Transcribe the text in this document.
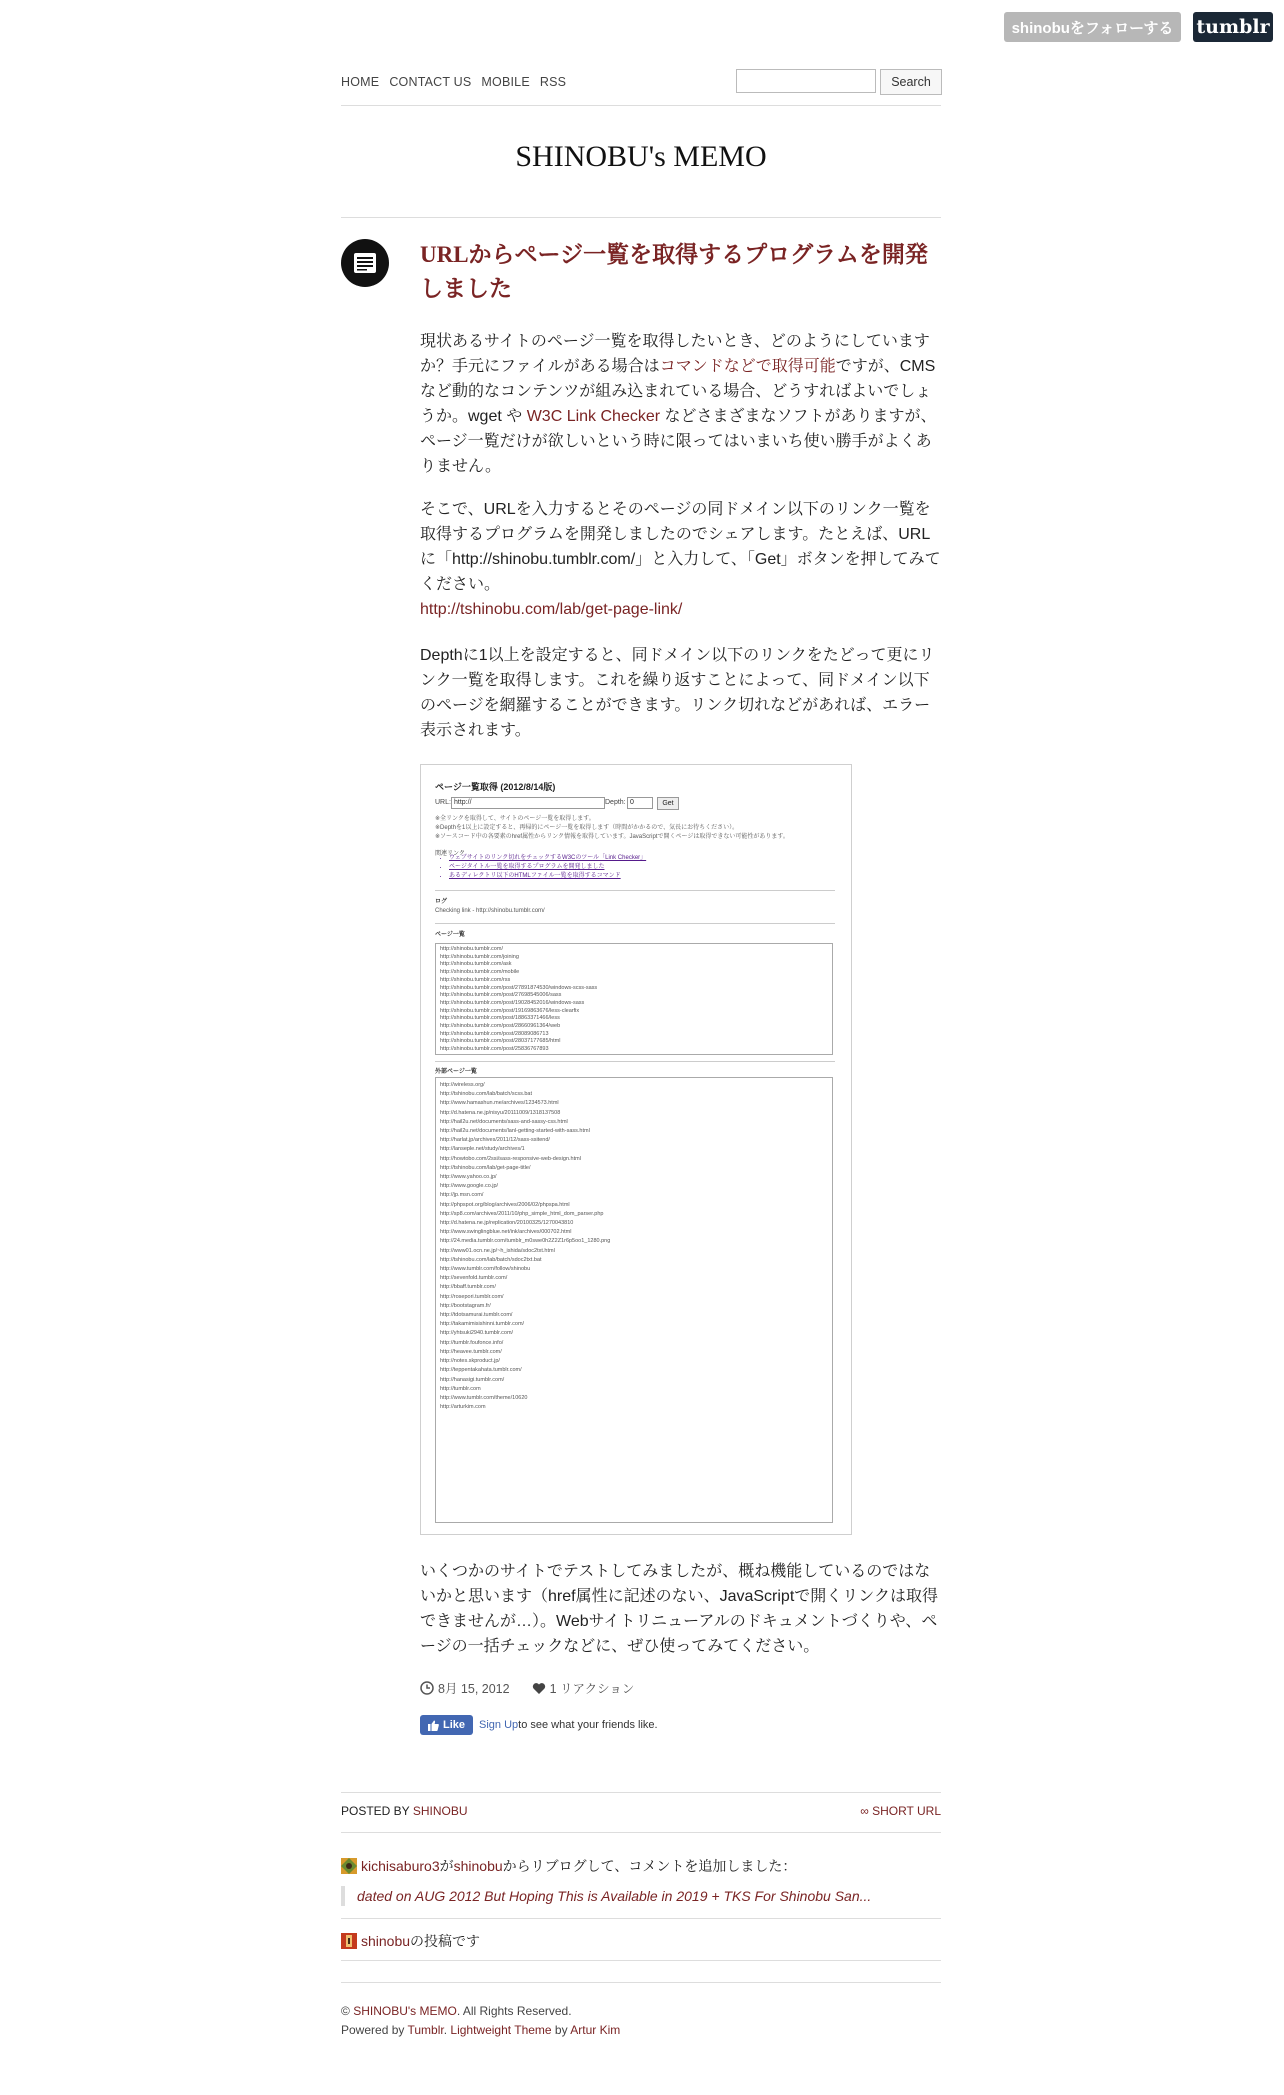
shinobuをフォローする	tumblr
HOME CONTACT US MOBILE RSS	Search
SHINOBU's MEMO
URLからページ一覧を取得するプログラムを開発しました
現状あるサイトのページ一覧を取得したいとき、どのようにしていますか？手元にファイルがある場合はコマンドなどで取得可能ですが、CMSなど動的なコンテンツが組み込まれている場合、どうすればよいでしょうか。wget や W3C Link Checker などさまざまなソフトがありますが、ページ一覧だけが欲しいという時に限ってはいまいち使い勝手がよくありません。
そこで、URLを入力するとそのページの同ドメイン以下のリンク一覧を取得するプログラムを開発しましたのでシェアします。たとえば、URLに「http://shinobu.tumblr.com/」と入力して、「Get」ボタンを押してみてください。
http://tshinobu.com/lab/get-page-link/
Depthに1以上を設定すると、同ドメイン以下のリンクをたどって更にリンク一覧を取得します。これを繰り返すことによって、同ドメイン以下のページを網羅することができます。リンク切れなどがあれば、エラー表示されます。
ページ一覧取得 (2012/8/14版)
URL: http://	Depth: 0	Get
※全リンクを取得して、サイトのページ一覧を取得します。
※Depthを1以上に設定すると、再帰的にページ一覧を取得します（時間がかかるので、気長にお待ちください）。
※ソースコード中の各要素のhref属性からリンク情報を取得しています。JavaScriptで開くページは取得できない可能性があります。
関連リンク
• ウェブサイトのリンク切れをチェックするW3Cのツール「Link Checker」
• ページタイトル一覧を取得するプログラムを開発しました
• あるディレクトリ以下のHTMLファイル一覧を取得するコマンド
ログ
Checking link - http://shinobu.tumblr.com/
ページ一覧
http://shinobu.tumblr.com/
http://shinobu.tumblr.com/joining
http://shinobu.tumblr.com/ask
http://shinobu.tumblr.com/mobile
http://shinobu.tumblr.com/rss
http://shinobu.tumblr.com/post/27891874530/windows-scss-sass
http://shinobu.tumblr.com/post/27698545006/sass
http://shinobu.tumblr.com/post/19028452016/windows-sass
http://shinobu.tumblr.com/post/19169863676/less-clearfix
http://shinobu.tumblr.com/post/18863371466/less
http://shinobu.tumblr.com/post/28660961364/web
http://shinobu.tumblr.com/post/28089086713
http://shinobu.tumblr.com/post/28037177685/html
http://shinobu.tumblr.com/post/25836767893
外部ページ一覧
http://wireless.org/
http://tshinobu.com/lab/batch/scss.bat
http://www.hamashun.me/archives/1234573.html
http://d.hatena.ne.jp/nisyu/20111009/1318137508
http://hail2u.net/documents/sass-and-sassy-css.html
http://hail2u.net/documents/lanl-getting-started-with-sass.html
http://harlat.jp/archives/2011/12/sass-ssitend/
http://lanseple.net/study/archives/1
http://howtobo.com/2ssi/sass-responsive-web-design.html
http://tshinobu.com/lab/get-page-title/
http://www.yahoo.co.jp/
http://www.google.co.jp/
http://jp.msn.com/
http://phpspot.org/blog/archives/2006/02/phpspa.html
http://sp8.com/archives/2011/10/php_simple_html_dom_parser.php
http://d.hatena.ne.jp/replication/20100325/1270043810
http://www.swinglingblue.net/ink/archives/000702.html
http://24.media.tumblr.com/tumblr_m0swe0h2Z2Z1r6p5oo1_1280.png
http://www01.ocn.ne.jp/~h_ishida/sdoc2txt.html
http://tshinobu.com/lab/batch/sdoc2txt.bat
http://www.tumblr.com/follow/shinobu
http://sevenfold.tumblr.com/
http://bbaff.tumblr.com/
http://rosepori.tumblr.com/
http://bootstagram.fr/
http://tdotsamurai.tumblr.com/
http://takamimisishinni.tumblr.com/
http://yhtsuki2940.tumblr.com/
http://tumblr.foufonce.info/
http://heavee.tumblr.com/
http://notes.skproduct.jp/
http://teppentakahata.tumblr.com/
http://hanasigi.tumblr.com/
http://tumblr.com
http://www.tumblr.com/theme/10620
http://arturkim.com
いくつかのサイトでテストしてみましたが、概ね機能しているのではないかと思います（href属性に記述のない、JavaScriptで開くリンクは取得できませんが…）。Webサイトリニューアルのドキュメントづくりや、ページの一括チェックなどに、ぜひ使ってみてください。
8月 15, 2012	1 リアクション
Like Sign Up to see what your friends like.
POSTED BY SHINOBU	∞ SHORT URL
kichisaburo3 が shinobu からリブログして、コメントを追加しました：
dated on AUG 2012 But Hoping This is Available in 2019 + TKS For Shinobu San...
shinobu の投稿です
© SHINOBU's MEMO. All Rights Reserved.
Powered by Tumblr. Lightweight Theme by Artur Kim
